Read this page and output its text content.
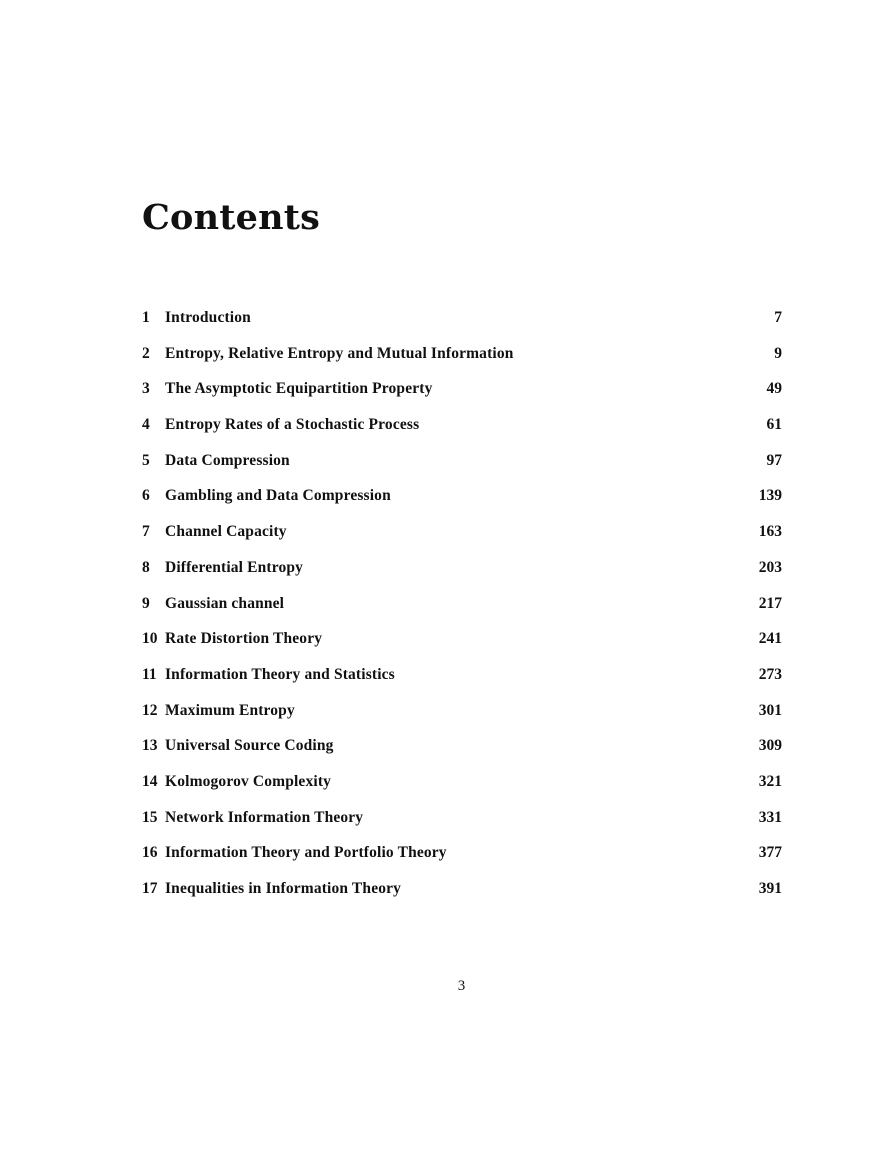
Contents
1 Introduction	7
2 Entropy, Relative Entropy and Mutual Information	9
3 The Asymptotic Equipartition Property	49
4 Entropy Rates of a Stochastic Process	61
5 Data Compression	97
6 Gambling and Data Compression	139
7 Channel Capacity	163
8 Differential Entropy	203
9 Gaussian channel	217
10 Rate Distortion Theory	241
11 Information Theory and Statistics	273
12 Maximum Entropy	301
13 Universal Source Coding	309
14 Kolmogorov Complexity	321
15 Network Information Theory	331
16 Information Theory and Portfolio Theory	377
17 Inequalities in Information Theory	391
3
